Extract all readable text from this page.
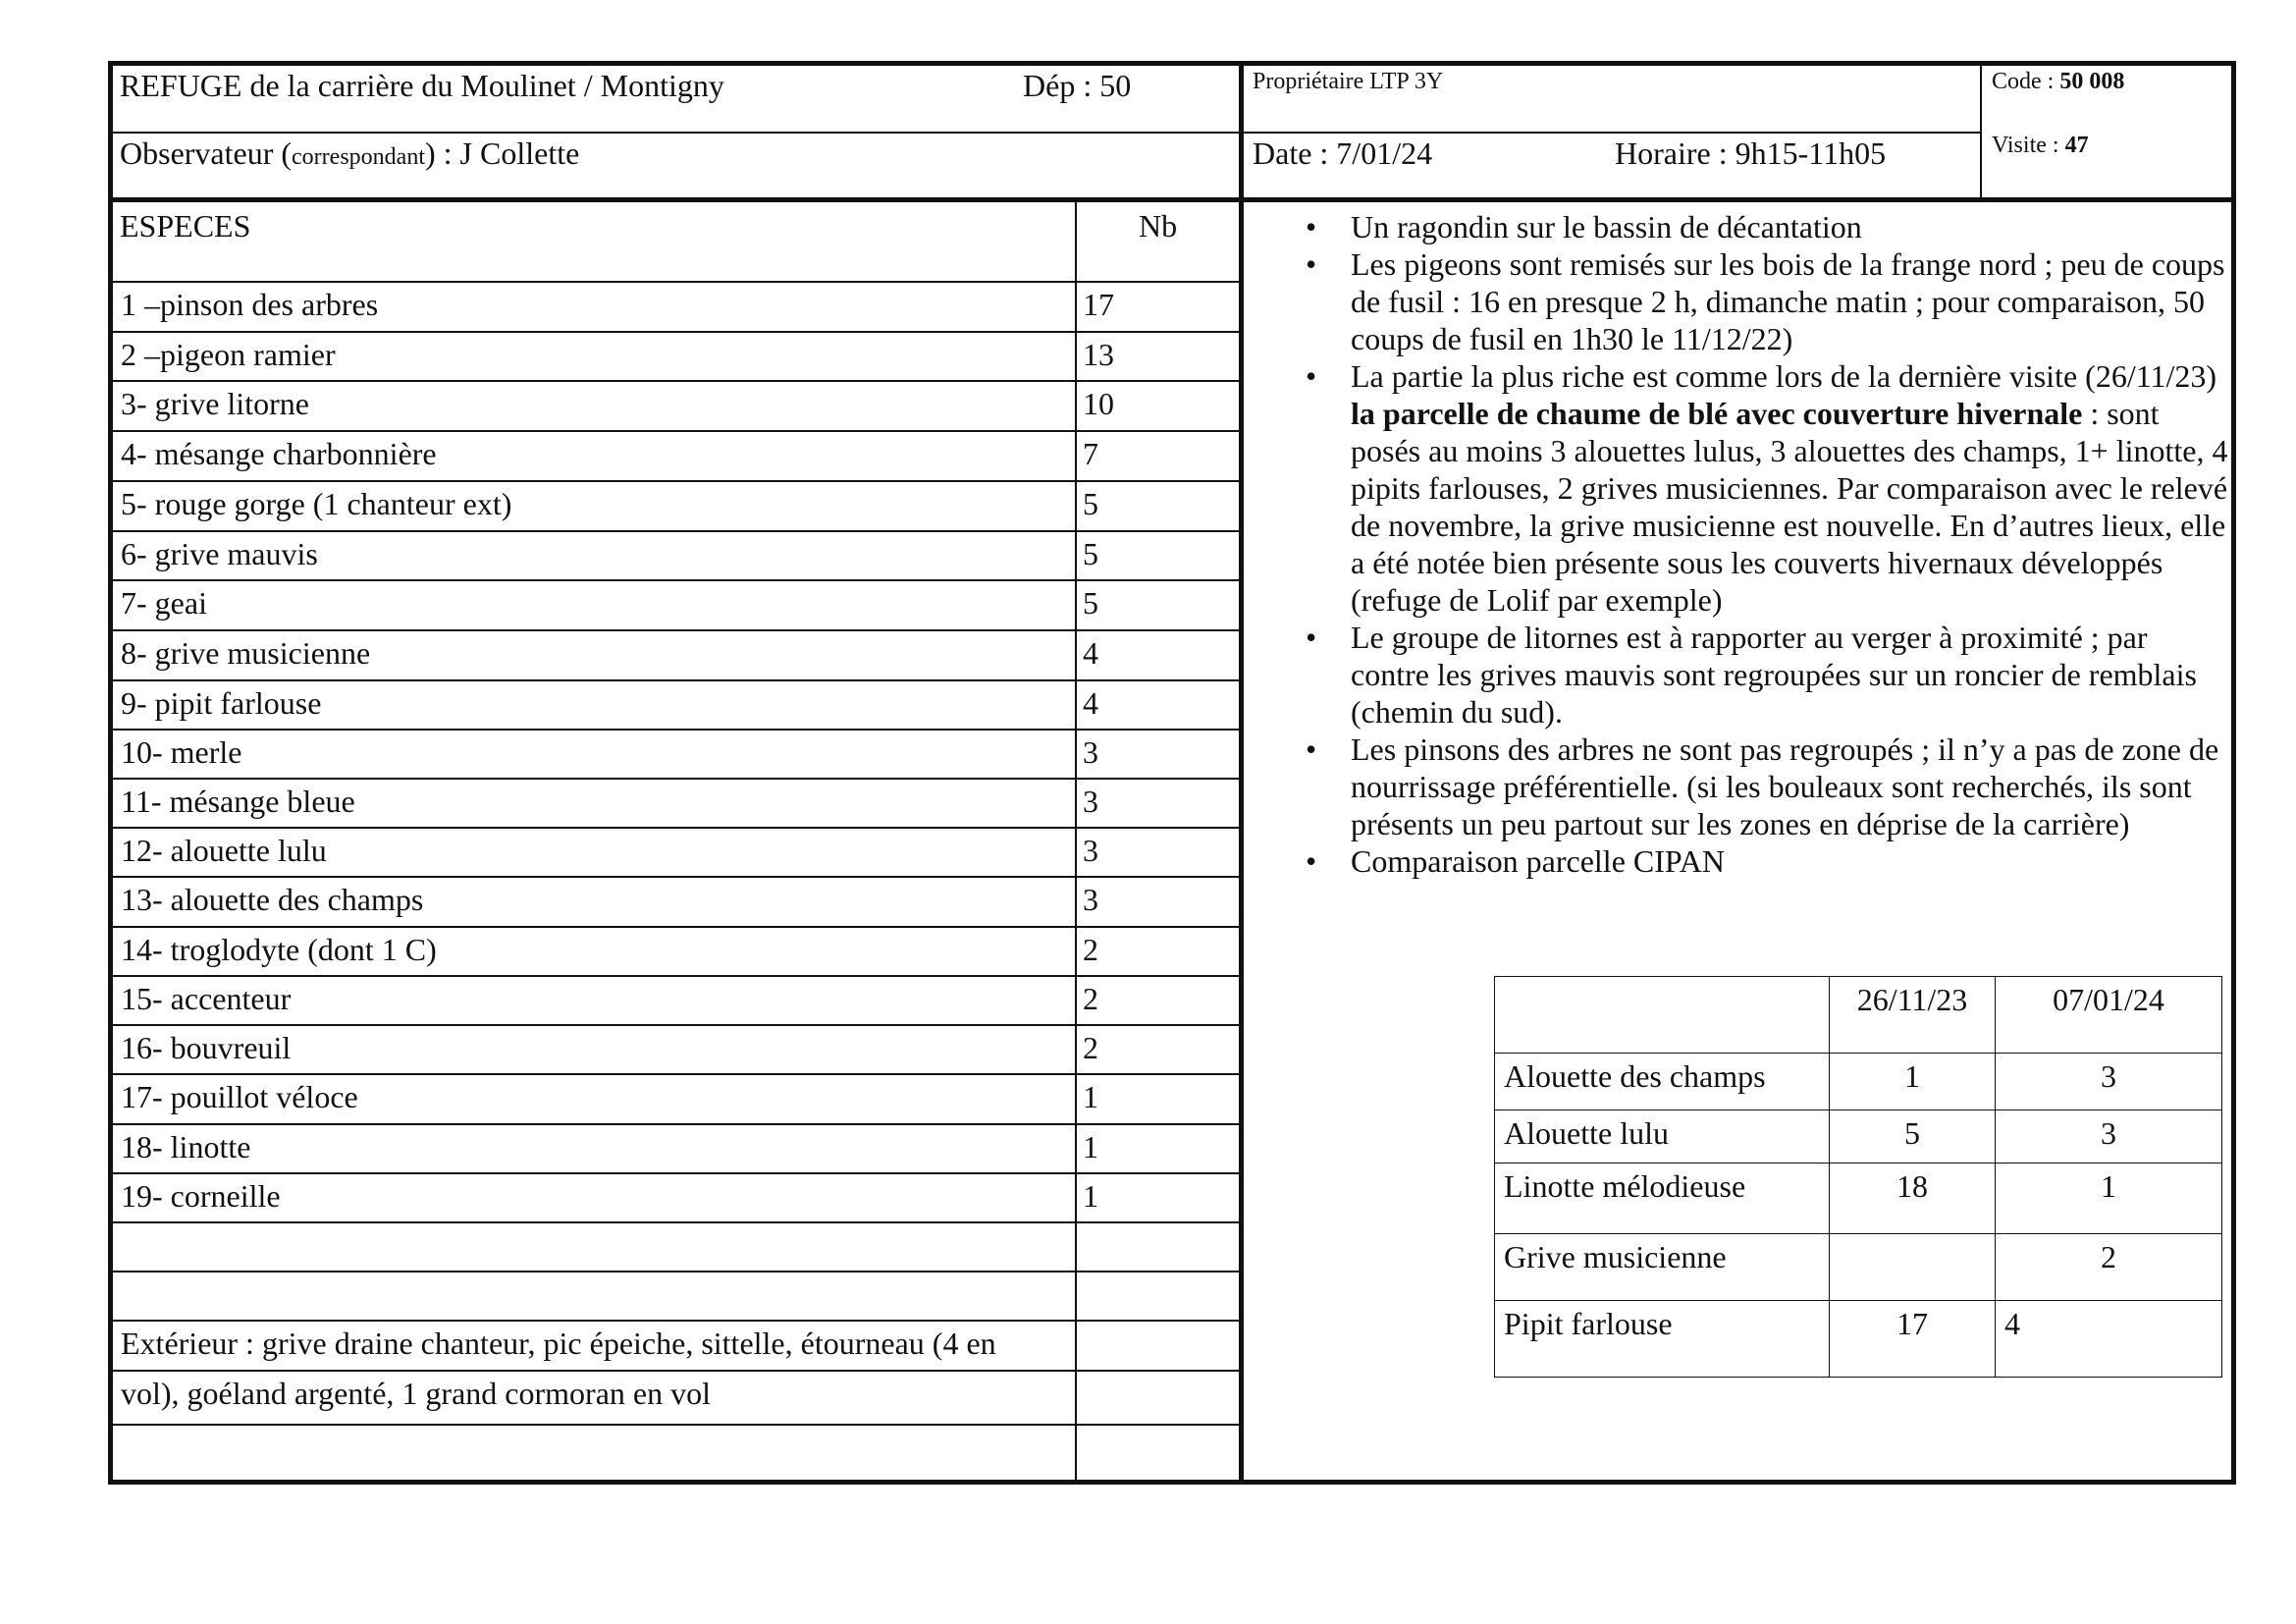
REFUGE de la carrière du Moulinet / Montigny	Dép : 50	Propriétaire LTP 3Y	Code : 50 008
Observateur (correspondant) : J Collette	Date : 7/01/24	Horaire : 9h15-11h05	Visite : 47
ESPECES	Nb
1 –pinson des arbres	17
2 –pigeon ramier	13
3- grive litorne	10
4- mésange charbonnière	7
5- rouge gorge (1 chanteur ext)	5
6- grive mauvis	5
7- geai	5
8- grive musicienne	4
9- pipit farlouse	4
10- merle	3
11- mésange bleue	3
12- alouette lulu	3
13- alouette des champs	3
14- troglodyte (dont 1 C)	2
15- accenteur	2
16- bouvreuil	2
17- pouillot véloce	1
18- linotte	1
19- corneille	1
Extérieur : grive draine chanteur, pic épeiche, sittelle, étourneau (4 en
vol), goéland argenté, 1 grand cormoran en vol
• Un ragondin sur le bassin de décantation
• Les pigeons sont remisés sur les bois de la frange nord ; peu de coups de fusil : 16 en presque 2 h, dimanche matin ; pour comparaison, 50 coups de fusil en 1h30 le 11/12/22)
• La partie la plus riche est comme lors de la dernière visite (26/11/23) la parcelle de chaume de blé avec couverture hivernale : sont posés au moins 3 alouettes lulus, 3 alouettes des champs, 1+ linotte, 4 pipits farlouses, 2 grives musiciennes. Par comparaison avec le relevé de novembre, la grive musicienne est nouvelle. En d’autres lieux, elle a été notée bien présente sous les couverts hivernaux développés (refuge de Lolif par exemple)
• Le groupe de litornes est à rapporter au verger à proximité ; par contre les grives mauvis sont regroupées sur un roncier de remblais (chemin du sud).
• Les pinsons des arbres ne sont pas regroupés ; il n’y a pas de zone de nourrissage préférentielle. (si les bouleaux sont recherchés, ils sont présents un peu partout sur les zones en déprise de la carrière)
• Comparaison parcelle CIPAN
	26/11/23	07/01/24
Alouette des champs	1	3
Alouette lulu	5	3
Linotte mélodieuse	18	1
Grive musicienne		2
Pipit farlouse	17	4
